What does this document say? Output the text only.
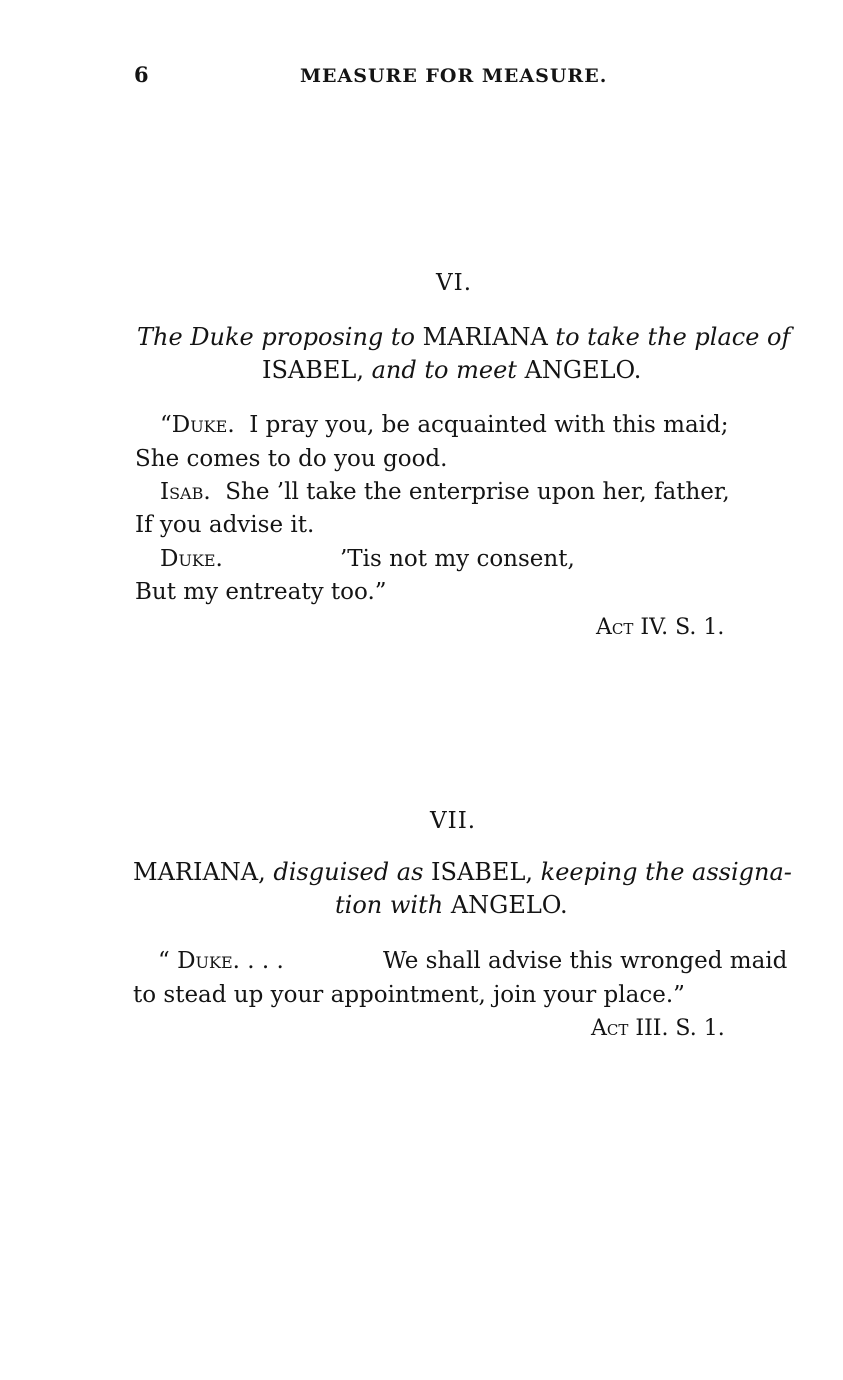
6	MEASURE FOR MEASURE.
VI.
The Duke proposing to MARIANA to take the place of
ISABEL, and to meet ANGELO.
“Duke. I pray you, be acquainted with this maid;
She comes to do you good.
Isab. She ’ll take the enterprise upon her, father,
If you advise it.
Duke.	’Tis not my consent,
But my entreaty too.”
Act IV. S. 1.
VII.
MARIANA, disguised as ISABEL, keeping the assigna-
tion with ANGELO.
“ Duke. . . .	We shall advise this wronged maid
to stead up your appointment, join your place.”
Act III. S. 1.
